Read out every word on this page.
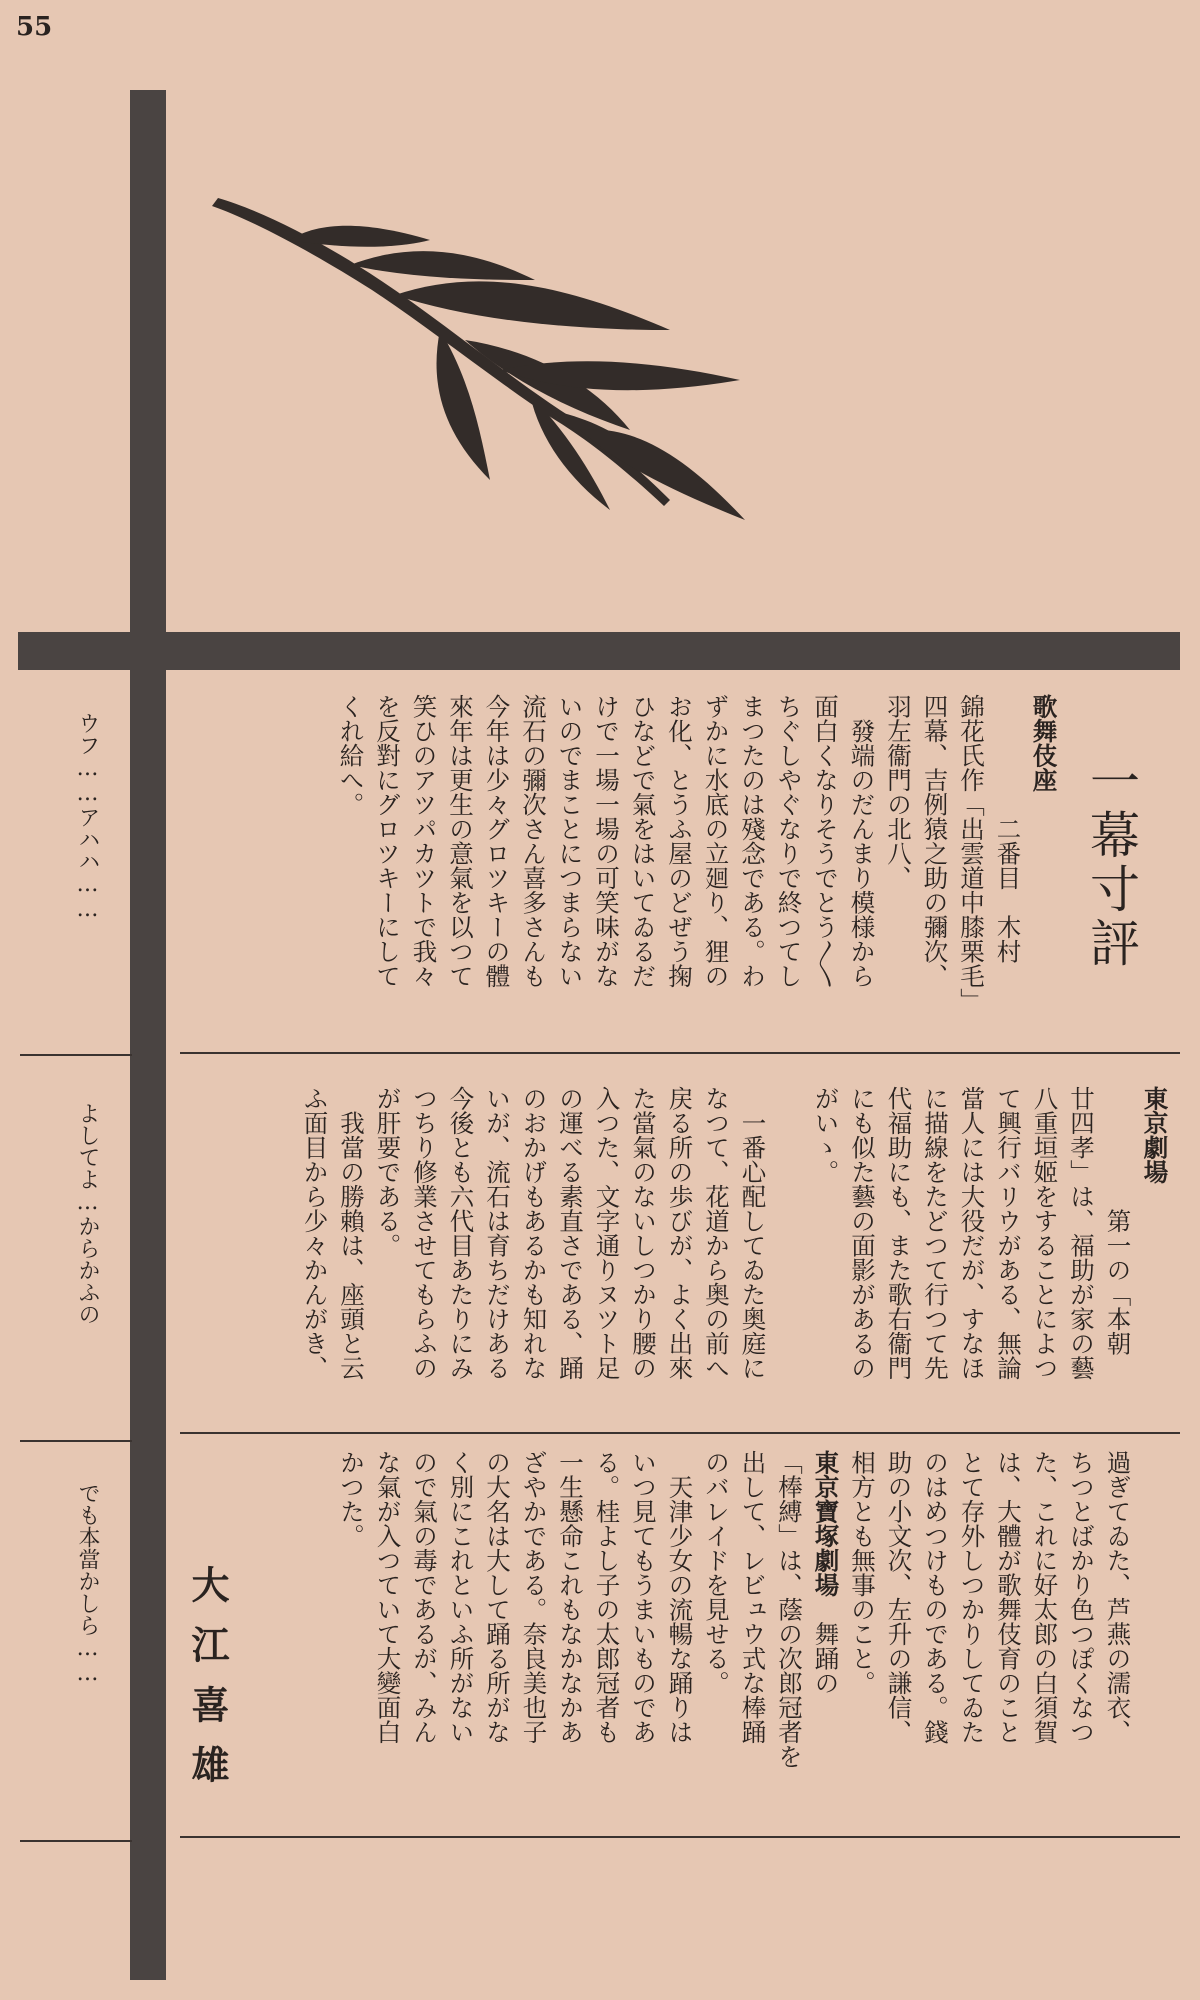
55
一幕寸評
歌舞伎座

　　　　　二番目　木村
錦花氏作「出雲道中膝栗毛」
四幕、吉例猿之助の彌次、
羽左衞門の北八、
　發端のだんまり模様から
面白くなりそうでとう〱
ちぐしやぐなりで終つてし
まつたのは殘念である。わ
ずかに水底の立廻り、狸の
お化、とうふ屋のどぜう掬
ひなどで氣をはいてゐるだ
けで一場一場の可笑味がな
いのでまことにつまらない
流石の彌次さん喜多さんも
今年は少々グロツキーの體
來年は更生の意氣を以つて
笑ひのアツパカツトで我々
を反對にグロツキーにして
くれ給へ。

東京劇場

　　　　　第一の「本朝
廿四孝」は、福助が家の藝
八重垣姬をすることによつ
て興行バリウがある、無論
當人には大役だが、すなほ
に描線をたどつて行つて先
代福助にも、また歌右衞門
にも似た藝の面影があるの
がいゝ。

　一番心配してゐた奥庭に
なつて、花道から奥の前へ
戻る所の歩びが、よく出來
た當氣のないしつかり腰の
入つた、文字通りヌツト足
の運べる素直さである、踊
のおかげもあるかも知れな
いが、流石は育ちだけある
今後とも六代目あたりにみ
つちり修業させてもらふの
が肝要である。
　我當の勝賴は、座頭と云
ふ面目から少々かんがき、

過ぎてゐた、芦燕の濡衣、
ちつとばかり色つぽくなつ
た、これに好太郎の白須賀
は、大體が歌舞伎育のこと
とて存外しつかりしてゐた
のはめつけものである。錢
助の小文次、左升の謙信、
相方とも無事のこと。
東京寶塚劇場　舞踊の
「棒縛」は、蔭の次郎冠者を
出して、レビュウ式な棒踊
のバレイドを見せる。
　天津少女の流暢な踊りは
いつ見てもうまいものであ
る。桂よし子の太郎冠者も
一生懸命これもなかなかあ
ざやかである。奈良美也子
の大名は大して踊る所がな
く別にこれといふ所がない
ので氣の毒であるが、みん
な氣が入つていて大變面白
かつた。

大江喜雄
ウフ……アハハ……
よしてよ…からかふの
でも本當かしら……
